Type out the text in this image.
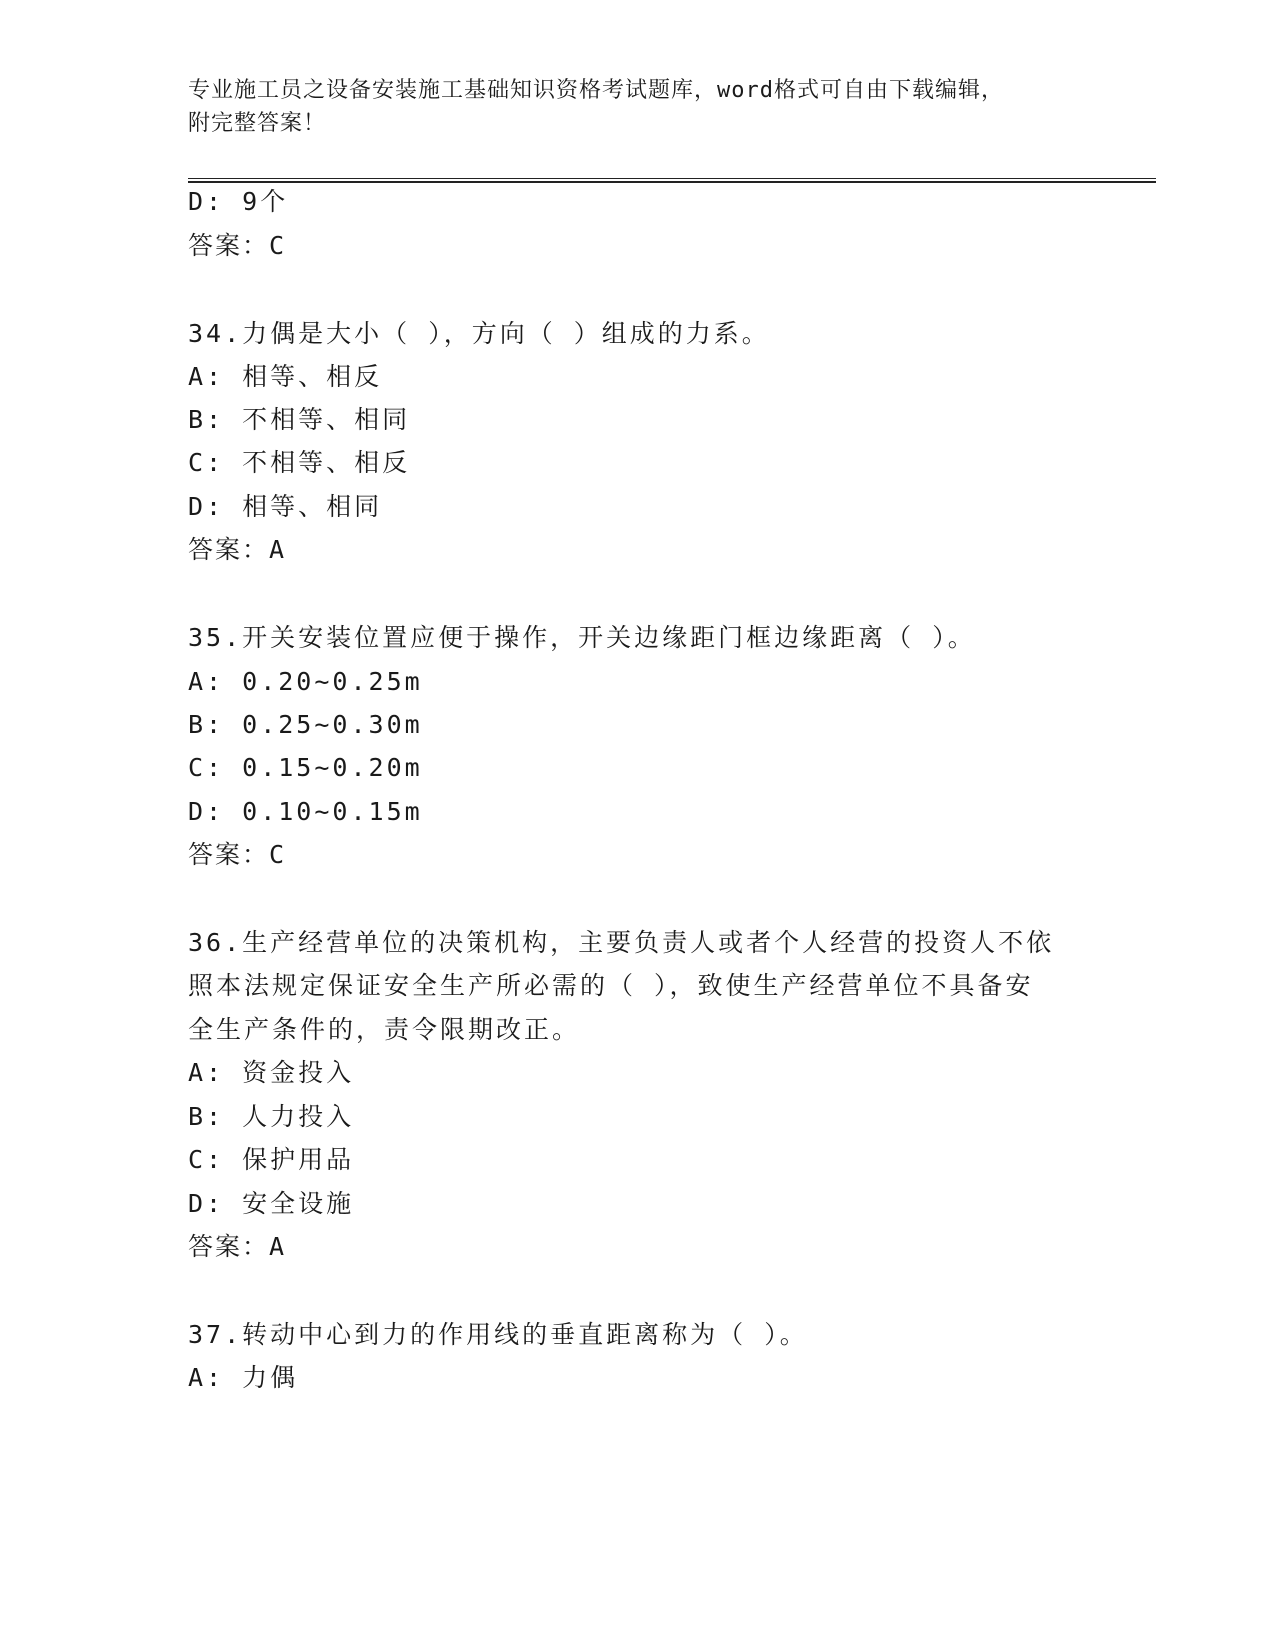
专业施工员之设备安装施工基础知识资格考试题库，word格式可自由下载编辑，
附完整答案！
D: 9个
答案：C
34.力偶是大小（ ），方向（ ）组成的力系。
A: 相等、相反
B: 不相等、相同
C: 不相等、相反
D: 相等、相同
答案：A
35.开关安装位置应便于操作，开关边缘距门框边缘距离（ ）。
A: 0.20~0.25m
B: 0.25~0.30m
C: 0.15~0.20m
D: 0.10~0.15m
答案：C
36.生产经营单位的决策机构，主要负责人或者个人经营的投资人不依
照本法规定保证安全生产所必需的（ ），致使生产经营单位不具备安
全生产条件的，责令限期改正。
A: 资金投入
B: 人力投入
C: 保护用品
D: 安全设施
答案：A
37.转动中心到力的作用线的垂直距离称为（ ）。
A: 力偶
